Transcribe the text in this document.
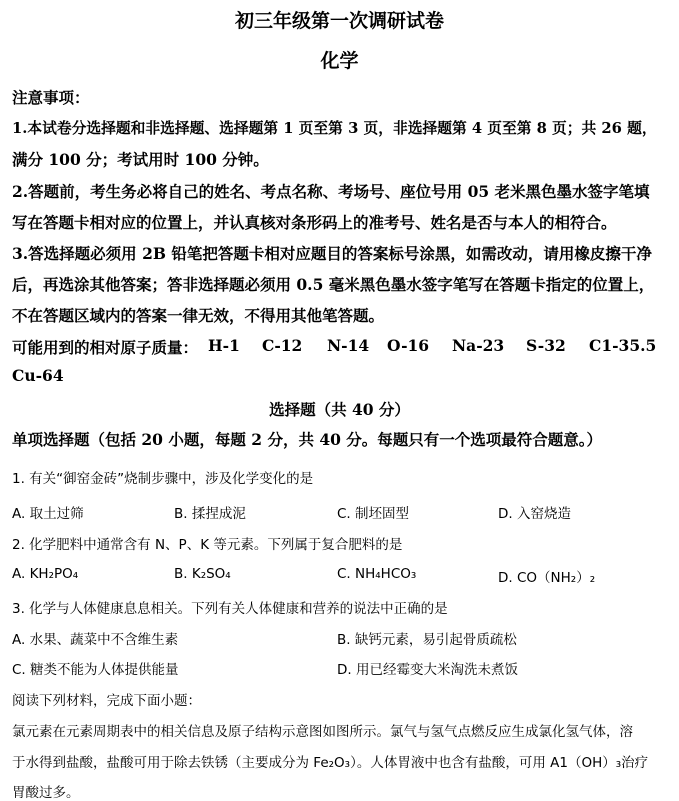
初三年级第一次调研试卷
化学
注意事项：
1.本试卷分选择题和非选择题、选择题第 1 页至第 3 页，非选择题第 4 页至第 8 页；共 26 题，
满分 100 分；考试用时 100 分钟。
2.答题前，考生务必将自己的姓名、考点名称、考场号、座位号用 05 老米黑色墨水签字笔填
写在答题卡相对应的位置上，并认真核对条形码上的准考号、姓名是否与本人的相符合。
3.答选择题必须用 2B 铅笔把答题卡相对应题目的答案标号涂黑，如需改动，请用橡皮擦干净
后，再选涂其他答案；答非选择题必须用 0.5 毫米黑色墨水签字笔写在答题卡指定的位置上，
不在答题区域内的答案一律无效，不得用其他笔答题。
可能用到的相对原子质量： H-1 C-12 N-14 O-16 Na-23 S-32 C1-35.5
Cu-64
选择题（共 40 分）
单项选择题（包括 20 小题，每题 2 分，共 40 分。每题只有一个选项最符合题意。）
1. 有关“御窑金砖”烧制步骤中，涉及化学变化的是
A. 取土过筛	B. 揉捏成泥	C. 制坯固型	D. 入窑烧造
2. 化学肥料中通常含有 N、P、K 等元素。下列属于复合肥料的是
A. KH₂PO₄	B. K₂SO₄	C. NH₄HCO₃	D. CO（NH₂）₂
3. 化学与人体健康息息相关。下列有关人体健康和营养的说法中正确的是
A. 水果、蔬菜中不含维生素	B. 缺钙元素，易引起骨质疏松
C. 糖类不能为人体提供能量	D. 用已经霉变大米淘洗未煮饭
阅读下列材料，完成下面小题：
氯元素在元素周期表中的相关信息及原子结构示意图如图所示。氯气与氢气点燃反应生成氯化氢气体，溶
于水得到盐酸，盐酸可用于除去铁锈（主要成分为 Fe₂O₃）。人体胃液中也含有盐酸，可用 A1（OH）₃治疗
胃酸过多。
